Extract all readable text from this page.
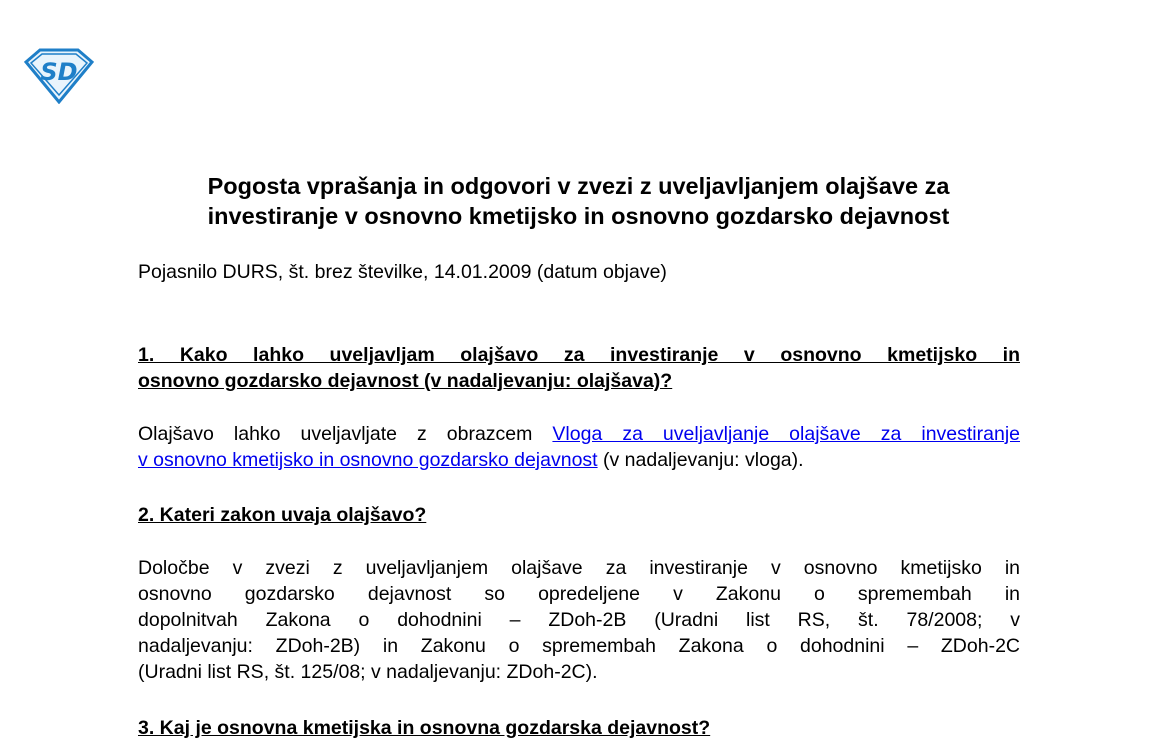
SD
Pogosta vprašanja in odgovori v zvezi z uveljavljanjem olajšave za
investiranje v osnovno kmetijsko in osnovno gozdarsko dejavnost
Pojasnilo DURS, št. brez številke, 14.01.2009 (datum objave)
1. Kako lahko uveljavljam olajšavo za investiranje v osnovno kmetijsko in
osnovno gozdarsko dejavnost (v nadaljevanju: olajšava)?
Olajšavo lahko uveljavljate z obrazcem Vloga za uveljavljanje olajšave za investiranje
v osnovno kmetijsko in osnovno gozdarsko dejavnost (v nadaljevanju: vloga).
2. Kateri zakon uvaja olajšavo?
Določbe v zvezi z uveljavljanjem olajšave za investiranje v osnovno kmetijsko in
osnovno gozdarsko dejavnost so opredeljene v Zakonu o spremembah in
dopolnitvah Zakona o dohodnini – ZDoh-2B (Uradni list RS, št. 78/2008; v
nadaljevanju: ZDoh-2B) in Zakonu o spremembah Zakona o dohodnini – ZDoh-2C
(Uradni list RS, št. 125/08; v nadaljevanju: ZDoh-2C).
3. Kaj je osnovna kmetijska in osnovna gozdarska dejavnost?
